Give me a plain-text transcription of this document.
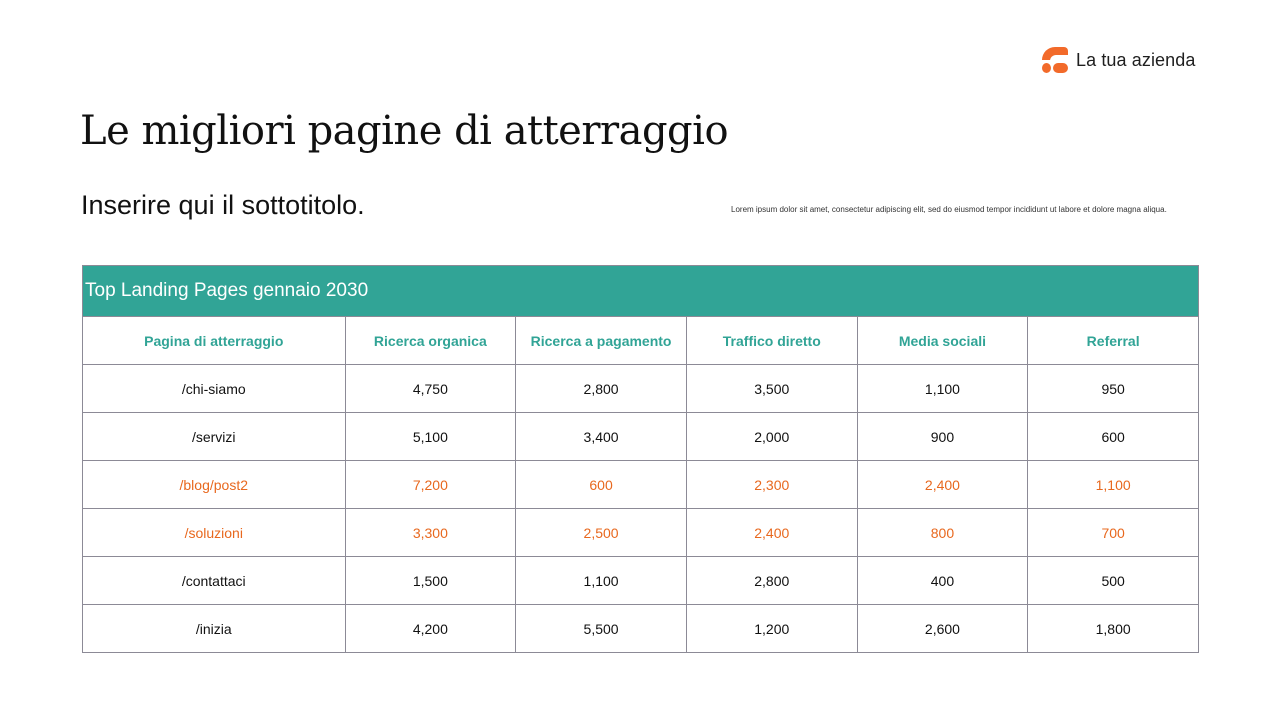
La tua azienda
Le migliori pagine di atterraggio
Inserire qui il sottotitolo.	Lorem ipsum dolor sit amet, consectetur adipiscing elit, sed do eiusmod tempor incididunt ut labore et dolore magna aliqua.
Top Landing Pages gennaio 2030					
Pagina di atterraggio	Ricerca organica	Ricerca a pagamento	Traffico diretto	Media sociali	Referral
/chi-siamo	4,750	2,800	3,500	1,100	950
/servizi	5,100	3,400	2,000	900	600
/blog/post2	7,200	600	2,300	2,400	1,100
/soluzioni	3,300	2,500	2,400	800	700
/contattaci	1,500	1,100	2,800	400	500
/inizia	4,200	5,500	1,200	2,600	1,800
